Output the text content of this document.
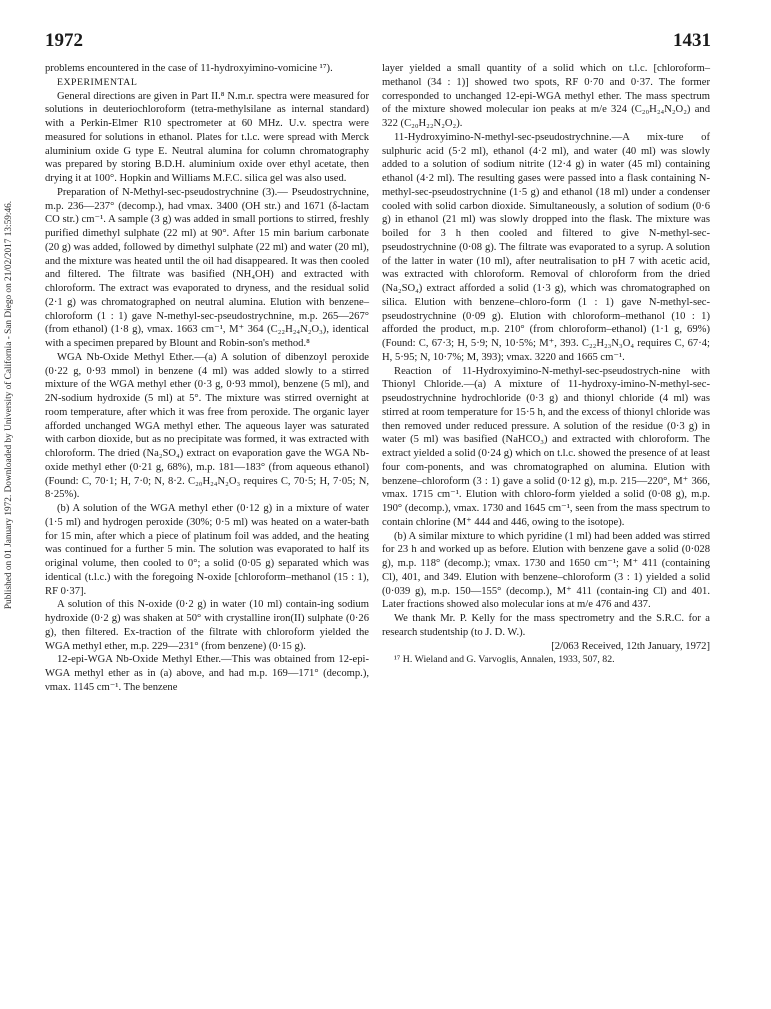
1972	1431
Published on 01 January 1972. Downloaded by University of California - San Diego on 21/02/2017 13:59:46.

problems encountered in the case of 11-hydroxyimino-vomicine ¹⁷).

EXPERIMENTAL

General directions are given in Part II.⁸ N.m.r. spectra were measured for solutions in deuteriochloroform (tetra-methylsilane as internal standard) with a Perkin-Elmer R10 spectrometer at 60 MHz. U.v. spectra were measured for solutions in ethanol. Plates for t.l.c. were spread with Merck aluminium oxide G type E. Neutral alumina for column chromatography was prepared by storing B.D.H. aluminium oxide over ethyl acetate, then drying it at 100°. Hopkin and Williams M.F.C. silica gel was also used.

Preparation of N-Methyl-sec-pseudostrychnine (3).— Pseudostrychnine, m.p. 236—237° (decomp.), had νmax. 3400 (OH str.) and 1671 (δ-lactam CO str.) cm⁻¹. A sample (3 g) was added in small portions to stirred, freshly purified dimethyl sulphate (22 ml) at 90°. After 15 min barium carbonate (20 g) was added, followed by dimethyl sulphate (22 ml) and water (20 ml), and the mixture was heated until the oil had disappeared. It was then cooled and filtered. The filtrate was basified (NH₄OH) and extracted with chloroform. The extract was evaporated to dryness, and the residual solid (2·1 g) was chromatographed on neutral alumina. Elution with benzene–chloroform (1 : 1) gave N-methyl-sec-pseudostrychnine, m.p. 265—267° (from ethanol) (1·8 g), νmax. 1663 cm⁻¹, M⁺ 364 (C₂₂H₂₄N₂O₃), identical with a specimen prepared by Blount and Robin-son's method.⁸

WGA Nb-Oxide Methyl Ether.—(a) A solution of dibenzoyl peroxide (0·22 g, 0·93 mmol) in benzene (4 ml) was added slowly to a stirred mixture of the WGA methyl ether (0·3 g, 0·93 mmol), benzene (5 ml), and 2N-sodium hydroxide (5 ml) at 5°. The mixture was stirred overnight at room temperature, after which it was free from peroxide. The organic layer afforded unchanged WGA methyl ether. The aqueous layer was saturated with carbon dioxide, but as no precipitate was formed, it was extracted with chloroform. The dried (Na₂SO₄) extract on evaporation gave the WGA Nb-oxide methyl ether (0·21 g, 68%), m.p. 181—183° (from aqueous ethanol) (Found: C, 70·1; H, 7·0; N, 8·2. C₂₀H₂₄N₂O₃ requires C, 70·5; H, 7·05; N, 8·25%).

(b) A solution of the WGA methyl ether (0·12 g) in a mixture of water (1·5 ml) and hydrogen peroxide (30%; 0·5 ml) was heated on a water-bath for 15 min, after which a piece of platinum foil was added, and the heating was continued for a further 5 min. The solution was evaporated to half its original volume, then cooled to 0°; a solid (0·05 g) separated which was identical (t.l.c.) with the foregoing N-oxide [chloroform–methanol (15 : 1), RF 0·37].

A solution of this N-oxide (0·2 g) in water (10 ml) contain-ing sodium hydroxide (0·2 g) was shaken at 50° with crystalline iron(II) sulphate (0·26 g), then filtered. Ex-traction of the filtrate with chloroform yielded the WGA methyl ether, m.p. 229—231° (from benzene) (0·15 g).

12-epi-WGA Nb-Oxide Methyl Ether.—This was obtained from 12-epi-WGA methyl ether as in (a) above, and had m.p. 169—171° (decomp.), νmax. 1145 cm⁻¹. The benzene

layer yielded a small quantity of a solid which on t.l.c. [chloroform–methanol (34 : 1)] showed two spots, RF 0·70 and 0·37. The former corresponded to unchanged 12-epi-WGA methyl ether. The mass spectrum of the mixture showed molecular ion peaks at m/e 324 (C₂₀H₂₄N₂O₂) and 322 (C₂₀H₂₂N₂O₂).

11-Hydroxyimino-N-methyl-sec-pseudostrychnine.—A mix-ture of sulphuric acid (5·2 ml), ethanol (4·2 ml), and water (40 ml) was slowly added to a solution of sodium nitrite (12·4 g) in water (45 ml) containing ethanol (4·2 ml). The resulting gases were passed into a flask containing N-methyl-sec-pseudostrychnine (1·5 g) and ethanol (18 ml) under a condenser cooled with solid carbon dioxide. Simultaneously, a solution of sodium (0·6 g) in ethanol (21 ml) was slowly dropped into the flask. The mixture was boiled for 3 h then cooled and filtered to give N-methyl-sec-pseudostrychnine (0·08 g). The filtrate was evaporated to a syrup. A solution of the latter in water (10 ml), after neutralisation to pH 7 with acetic acid, was extracted with chloroform. Removal of chloroform from the dried (Na₂SO₄) extract afforded a solid (1·3 g), which was chromatographed on silica. Elution with benzene–chloro-form (1 : 1) gave N-methyl-sec-pseudostrychnine (0·09 g). Elution with chloroform–methanol (10 : 1) afforded the product, m.p. 210° (from chloroform–ethanol) (1·1 g, 69%) (Found: C, 67·3; H, 5·9; N, 10·5%; M⁺, 393. C₂₂H₂₃N₃O₄ requires C, 67·4; H, 5·95; N, 10·7%; M, 393); νmax. 3220 and 1665 cm⁻¹.

Reaction of 11-Hydroxyimino-N-methyl-sec-pseudostrych-nine with Thionyl Chloride.—(a) A mixture of 11-hydroxy-imino-N-methyl-sec-pseudostrychnine hydrochloride (0·3 g) and thionyl chloride (4 ml) was stirred at room temperature for 15·5 h, and the excess of thionyl chloride was then removed under reduced pressure. A solution of the residue (0·3 g) in water (5 ml) was basified (NaHCO₃) and extracted with chloroform. The extract yielded a solid (0·24 g) which on t.l.c. showed the presence of at least four com-ponents, and was chromatographed on alumina. Elution with benzene–chloroform (3 : 1) gave a solid (0·12 g), m.p. 215—220°, M⁺ 366, νmax. 1715 cm⁻¹. Elution with chloro-form yielded a solid (0·08 g), m.p. 190° (decomp.), νmax. 1730 and 1645 cm⁻¹, seen from the mass spectrum to contain chlorine (M⁺ 444 and 446, owing to the isotope).

(b) A similar mixture to which pyridine (1 ml) had been added was stirred for 23 h and worked up as before. Elution with benzene gave a solid (0·028 g), m.p. 118° (decomp.); νmax. 1730 and 1650 cm⁻¹; M⁺ 411 (containing Cl), 401, and 349. Elution with benzene–chloroform (3 : 1) yielded a solid (0·039 g), m.p. 150—155° (decomp.), M⁺ 411 (contain-ing Cl) and 401. Later fractions showed also molecular ions at m/e 476 and 437.

We thank Mr. P. Kelly for the mass spectrometry and the S.R.C. for a research studentship (to J. D. W.).

[2/063 Received, 12th January, 1972]

¹⁷ H. Wieland and G. Varvoglis, Annalen, 1933, 507, 82.
